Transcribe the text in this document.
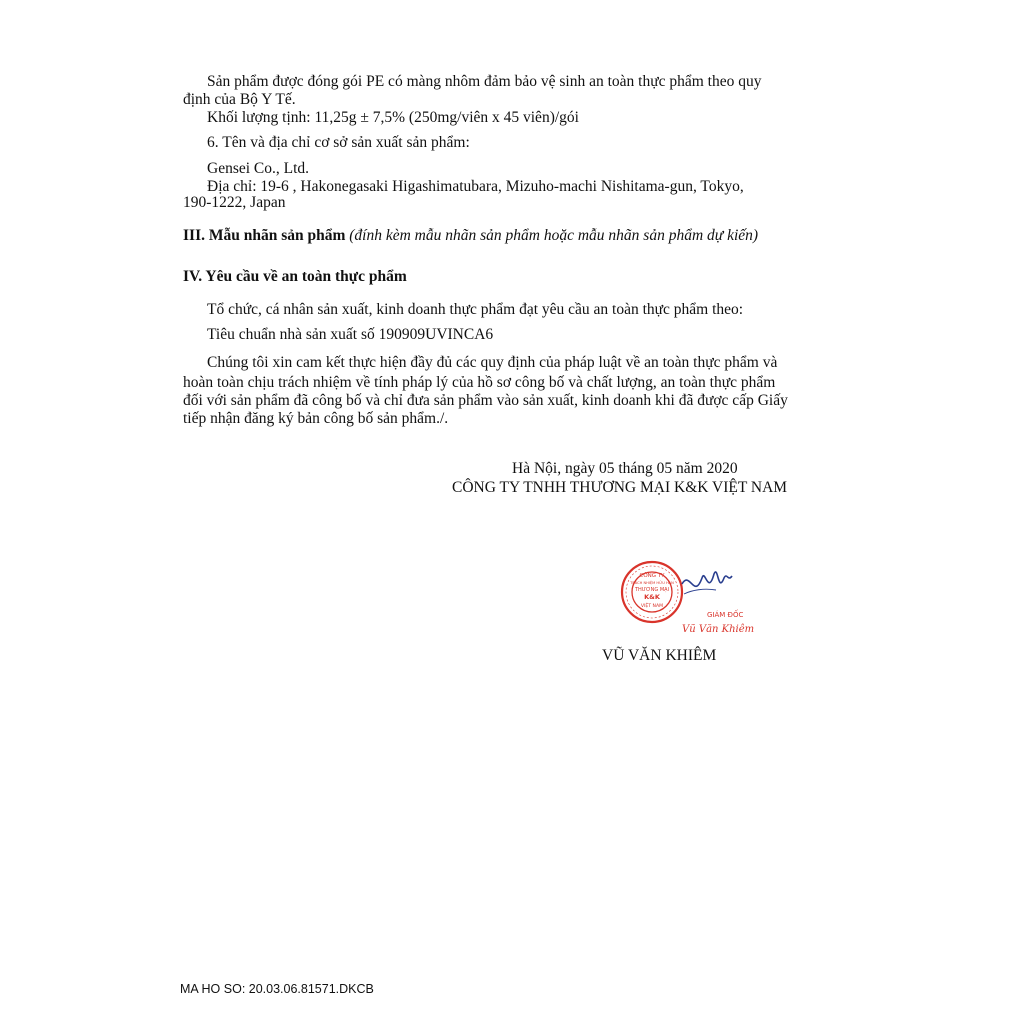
Sản phẩm được đóng gói PE có màng nhôm đảm bảo vệ sinh an toàn thực phẩm theo quy
định của Bộ Y Tế.
Khối lượng tịnh: 11,25g ± 7,5% (250mg/viên x 45 viên)/gói
6. Tên và địa chỉ cơ sở sản xuất sản phẩm:
Gensei Co., Ltd.
Địa chỉ: 19-6 , Hakonegasaki Higashimatubara, Mizuho-machi Nishitama-gun, Tokyo,
190-1222, Japan
III. Mẫu nhãn sản phẩm (đính kèm mẫu nhãn sản phẩm hoặc mẫu nhãn sản phẩm dự kiến)
IV. Yêu cầu về an toàn thực phẩm
Tổ chức, cá nhân sản xuất, kinh doanh thực phẩm đạt yêu cầu an toàn thực phẩm theo:
Tiêu chuẩn nhà sản xuất số 190909UVINCA6
Chúng tôi xin cam kết thực hiện đầy đủ các quy định của pháp luật về an toàn thực phẩm và
hoàn toàn chịu trách nhiệm về tính pháp lý của hồ sơ công bố và chất lượng, an toàn thực phẩm
đối với sản phẩm đã công bố và chỉ đưa sản phẩm vào sản xuất, kinh doanh khi đã được cấp Giấy
tiếp nhận đăng ký bản công bố sản phẩm./.
Hà Nội, ngày 05 tháng 05 năm 2020
CÔNG TY TNHH THƯƠNG MẠI K&K VIỆT NAM
CÔNG TY
TRÁCH NHIỆM HỮU HẠN
THƯƠNG MẠI
K&K
VIỆT NAM
GIÁM ĐỐC
Vũ Văn Khiêm
VŨ VĂN KHIÊM
MA HO SO: 20.03.06.81571.DKCB
